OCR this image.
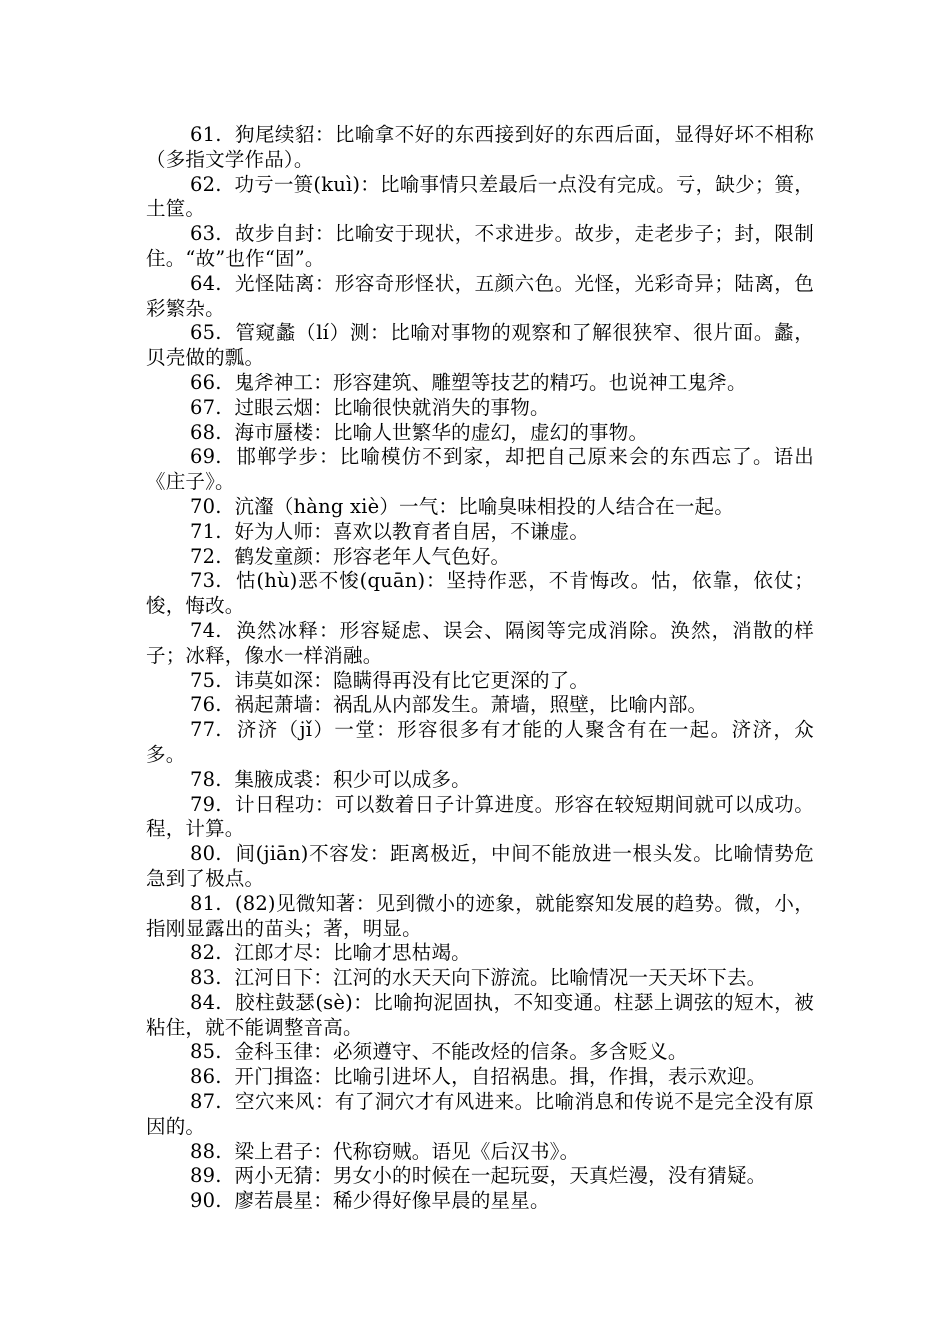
61. 狗尾续貂：比喻拿不好的东西接到好的东西后面，显得好坏不相称（多指文学作品）。

62. 功亏一篑(kuì)：比喻事情只差最后一点没有完成。亏，缺少；篑，土筐。

63. 故步自封：比喻安于现状，不求进步。故步，走老步子；封，限制住。“故”也作“固”。

64. 光怪陆离：形容奇形怪状，五颜六色。光怪，光彩奇异；陆离，色彩繁杂。

65. 管窥蠡（lí）测：比喻对事物的观察和了解很狭窄、很片面。蠡，贝壳做的瓢。

66. 鬼斧神工：形容建筑、雕塑等技艺的精巧。也说神工鬼斧。

67. 过眼云烟：比喻很快就消失的事物。

68. 海市蜃楼：比喻人世繁华的虚幻，虚幻的事物。

69. 邯郸学步：比喻模仿不到家，却把自己原来会的东西忘了。语出《庄子》。

70. 沆瀣（hàng xiè）一气：比喻臭味相投的人结合在一起。

71. 好为人师：喜欢以教育者自居，不谦虚。

72. 鹤发童颜：形容老年人气色好。

73. 怙(hù)恶不悛(quān)：坚持作恶，不肯悔改。怙，依靠，依仗；悛，悔改。

74. 涣然冰释：形容疑虑、误会、隔阂等完成消除。涣然，消散的样子；冰释，像水一样消融。

75. 讳莫如深：隐瞒得再没有比它更深的了。

76. 祸起萧墙：祸乱从内部发生。萧墙，照壁，比喻内部。

77. 济济（jǐ）一堂：形容很多有才能的人聚含有在一起。济济，众多。

78. 集腋成裘：积少可以成多。

79. 计日程功：可以数着日子计算进度。形容在较短期间就可以成功。程，计算。

80. 间(jiān)不容发：距离极近，中间不能放进一根头发。比喻情势危急到了极点。

81. (82)见微知著：见到微小的迹象，就能察知发展的趋势。微，小，指刚显露出的苗头；著，明显。

82. 江郎才尽：比喻才思枯竭。

83. 江河日下：江河的水天天向下游流。比喻情况一天天坏下去。

84. 胶柱鼓瑟(sè)：比喻拘泥固执，不知变通。柱瑟上调弦的短木，被粘住，就不能调整音高。

85. 金科玉律：必须遵守、不能改烃的信条。多含贬义。

86. 开门揖盗：比喻引进坏人，自招祸患。揖，作揖，表示欢迎。

87. 空穴来风：有了洞穴才有风进来。比喻消息和传说不是完全没有原因的。

88. 梁上君子：代称窃贼。语见《后汉书》。

89. 两小无猜：男女小的时候在一起玩耍，天真烂漫，没有猜疑。

90. 廖若晨星：稀少得好像早晨的星星。
